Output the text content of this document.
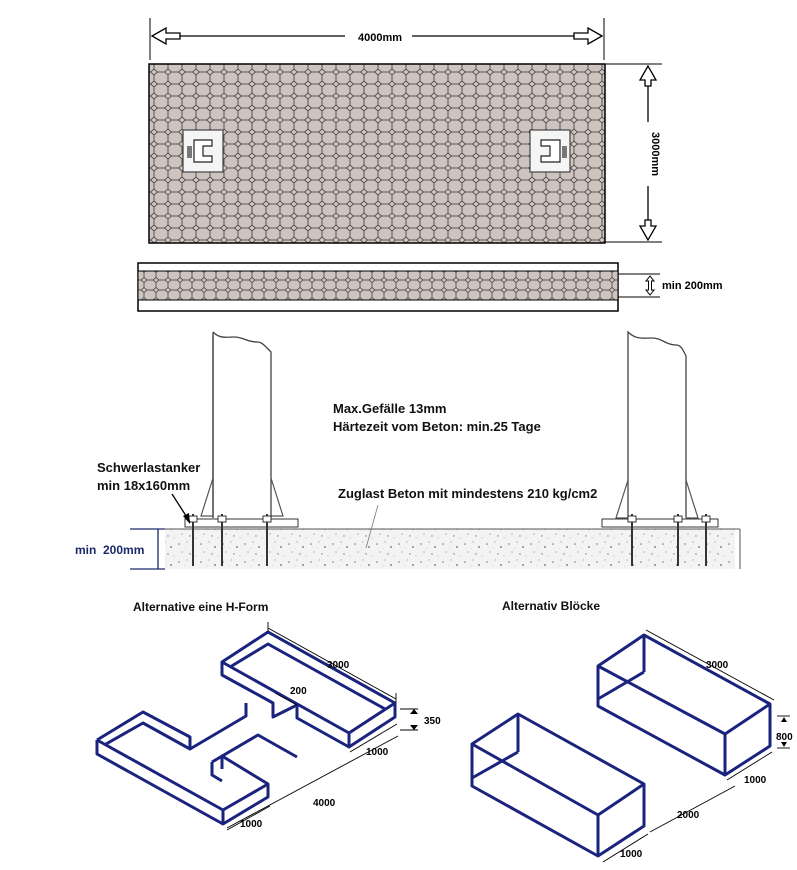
4000mm
3000mm
min 200mm
Max.Gefälle 13mm
Härtezeit vom Beton: min.25 Tage
Zuglast Beton mit mindestens 210 kg/cm2
Schwerlastanker
min 18x160mm
min 200mm
Alternative eine H-Form
3000
200
350
1000
4000
1000
Alternativ Blöcke
3000
800
1000
2000
1000
